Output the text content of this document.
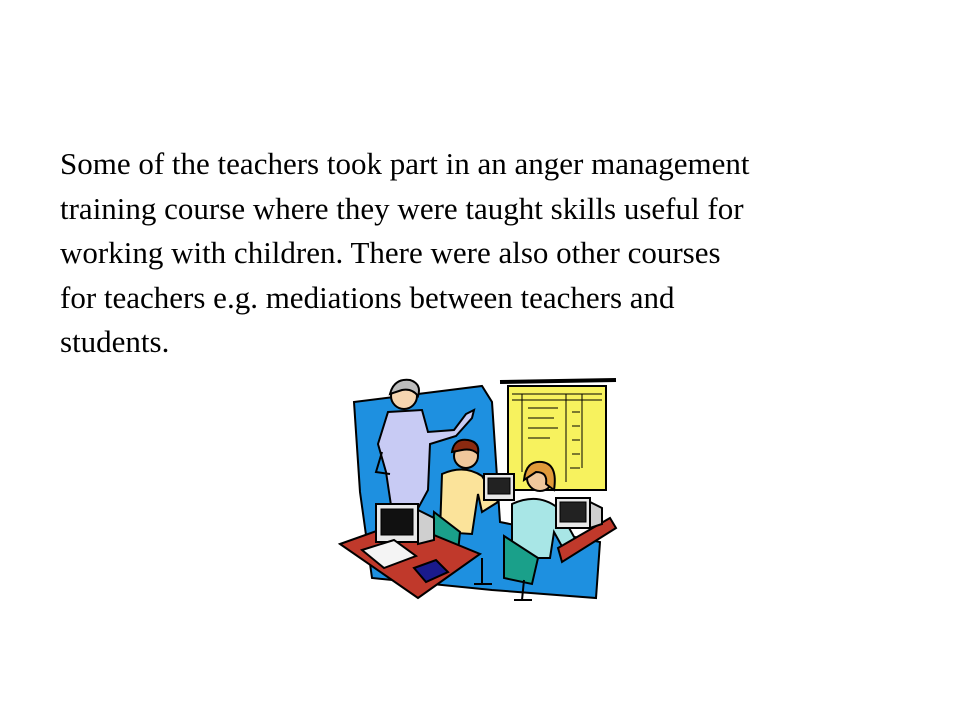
Some of the teachers took part in an anger management
training course where they were taught skills useful for
working with children. There were also other courses
for teachers e.g. mediations between teachers and
students.
